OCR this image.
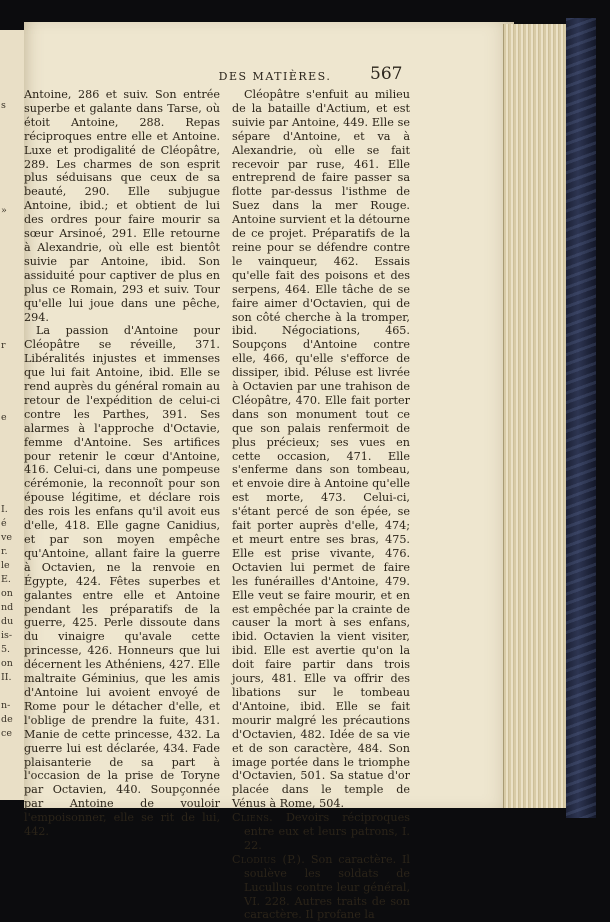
s
»
r
e
I.
é
ve
r.
le
E.
on
nd
du
is-
5.
on
II.
n-
de
ce
DES MATIÈRES.	567

Antoine, 286 et suiv. Son entrée superbe et galante dans Tarse, où étoit Antoine, 288. Repas réciproques entre elle et Antoine. Luxe et prodigalité de Cléopâtre, 289. Les charmes de son esprit plus séduisans que ceux de sa beauté, 290. Elle subjugue Antoine, ibid.; et obtient de lui des ordres pour faire mourir sa sœur Arsinoé, 291. Elle retourne à Alexandrie, où elle est bientôt suivie par Antoine, ibid. Son assiduité pour captiver de plus en plus ce Romain, 293 et suiv. Tour qu'elle lui joue dans une pêche, 294.

La passion d'Antoine pour Cléopâtre se réveille, 371. Libéralités injustes et immenses que lui fait Antoine, ibid. Elle se rend auprès du général romain au retour de l'expédition de celui-ci contre les Parthes, 391. Ses alarmes à l'approche d'Octavie, femme d'Antoine. Ses artifices pour retenir le cœur d'Antoine, 416. Celui-ci, dans une pompeuse cérémonie, la reconnoît pour son épouse légitime, et déclare rois des rois les enfans qu'il avoit eus d'elle, 418. Elle gagne Canidius, et par son moyen empêche qu'Antoine, allant faire la guerre à Octavien, ne la renvoie en Égypte, 424. Fêtes superbes et galantes entre elle et Antoine pendant les préparatifs de la guerre, 425. Perle dissoute dans du vinaigre qu'avale cette princesse, 426. Honneurs que lui décernent les Athéniens, 427. Elle maltraite Géminius, que les amis d'Antoine lui avoient envoyé de Rome pour le détacher d'elle, et l'oblige de prendre la fuite, 431. Manie de cette princesse, 432. La guerre lui est déclarée, 434. Fade plaisanterie de sa part à l'occasion de la prise de Toryne par Octavien, 440. Soupçonnée par Antoine de vouloir l'empoisonner, elle se rit de lui, 442.

Cléopâtre s'enfuit au milieu de la bataille d'Actium, et est suivie par Antoine, 449. Elle se sépare d'Antoine, et va à Alexandrie, où elle se fait recevoir par ruse, 461. Elle entreprend de faire passer sa flotte par-dessus l'isthme de Suez dans la mer Rouge. Antoine survient et la détourne de ce projet. Préparatifs de la reine pour se défendre contre le vainqueur, 462. Essais qu'elle fait des poisons et des serpens, 464. Elle tâche de se faire aimer d'Octavien, qui de son côté cherche à la tromper, ibid. Négociations, 465. Soupçons d'Antoine contre elle, 466, qu'elle s'efforce de dissiper, ibid. Péluse est livrée à Octavien par une trahison de Cléopâtre, 470. Elle fait porter dans son monument tout ce que son palais renfermoit de plus précieux; ses vues en cette occasion, 471. Elle s'enferme dans son tombeau, et envoie dire à Antoine qu'elle est morte, 473. Celui-ci, s'étant percé de son épée, se fait porter auprès d'elle, 474; et meurt entre ses bras, 475. Elle est prise vivante, 476. Octavien lui permet de faire les funérailles d'Antoine, 479. Elle veut se faire mourir, et en est empêchée par la crainte de causer la mort à ses enfans, ibid. Octavien la vient visiter, ibid. Elle est avertie qu'on la doit faire partir dans trois jours, 481. Elle va offrir des libations sur le tombeau d'Antoine, ibid. Elle se fait mourir malgré les précautions d'Octavien, 482. Idée de sa vie et de son caractère, 484. Son image portée dans le triomphe d'Octavien, 501. Sa statue d'or placée dans le temple de Vénus à Rome, 504.

Cliens. Devoirs réciproques entre eux et leurs patrons, I. 22.

Clodius (P.). Son caractère. Il soulève les soldats de Lucullus contre leur général, VI. 228. Autres traits de son caractère. Il profane la
